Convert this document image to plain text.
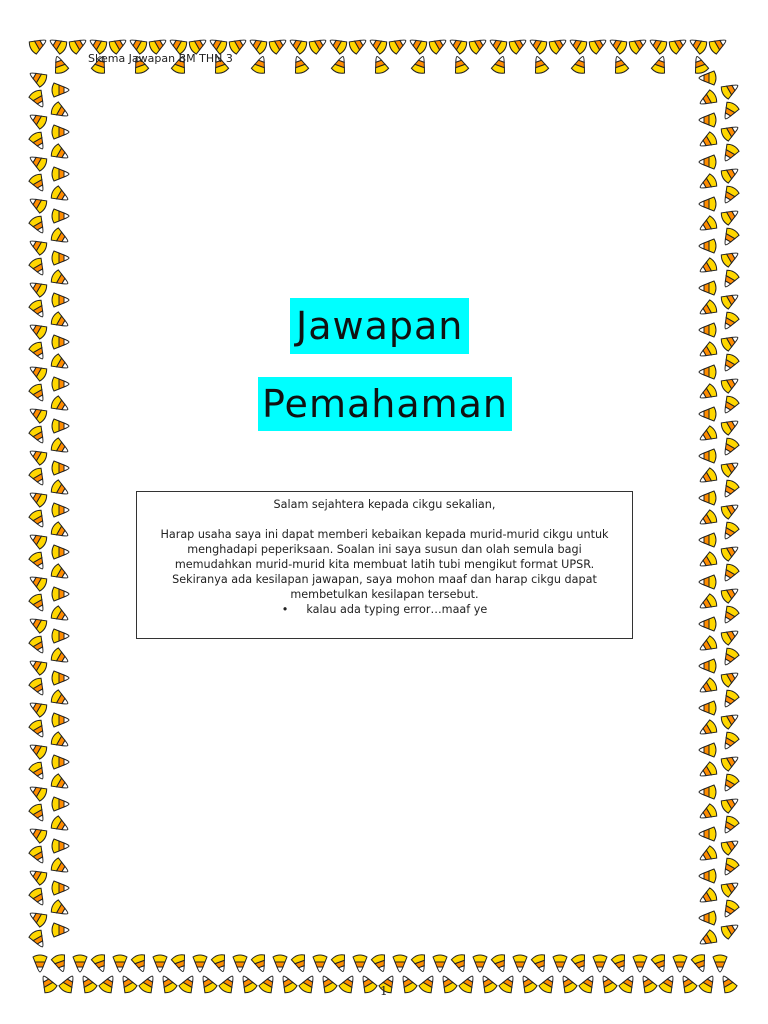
Skema Jawapan BM THN 3
Jawapan
Pemahaman

Salam sejahtera kepada cikgu sekalian,

Harap usaha saya ini dapat memberi kebaikan kepada murid-murid cikgu untuk menghadapi peperiksaan. Soalan ini saya susun dan olah semula bagi memudahkan murid-murid kita membuat latih tubi mengikut format UPSR. Sekiranya ada kesilapan jawapan, saya mohon maaf dan harap cikgu dapat membetulkan kesilapan tersebut.

• kalau ada typing error…maaf ye

1
